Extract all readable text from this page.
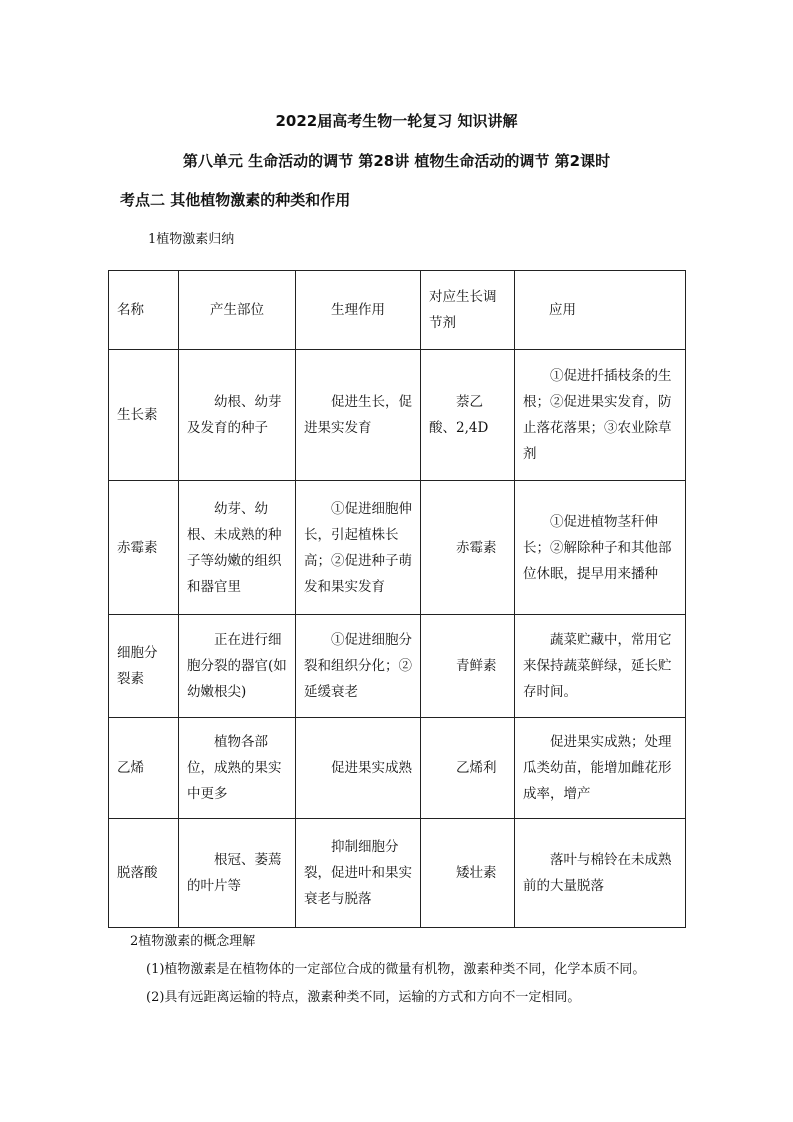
2022届高考生物一轮复习 知识讲解
第八单元 生命活动的调节 第28讲 植物生命活动的调节 第2课时
考点二 其他植物激素的种类和作用
1植物激素归纳
名称	产生部位	生理作用	对应生长调节剂	应用
生长素	幼根、幼芽及发育的种子	促进生长，促进果实发育	萘乙酸、2,4D	①促进扦插枝条的生根；②促进果实发育，防止落花落果；③农业除草剂

赤霉素	幼芽、幼根、未成熟的种子等幼嫩的组织和器官里	①促进细胞伸长，引起植株长高；②促进种子萌发和果实发育	赤霉素	①促进植物茎秆伸长；②解除种子和其他部位休眠，提早用来播种

细胞分裂素	正在进行细胞分裂的器官(如幼嫩根尖)	①促进细胞分裂和组织分化；②延缓衰老	青鲜素	蔬菜贮藏中，常用它来保持蔬菜鲜绿，延长贮存时间。

乙烯	植物各部位，成熟的果实中更多	促进果实成熟	乙烯利	促进果实成熟；处理瓜类幼苗，能增加雌花形成率，增产

脱落酸	根冠、萎蔫的叶片等	抑制细胞分裂，促进叶和果实衰老与脱落	矮壮素	落叶与棉铃在未成熟前的大量脱落
2植物激素的概念理解
(1)植物激素是在植物体的一定部位合成的微量有机物，激素种类不同，化学本质不同。
(2)具有远距离运输的特点，激素种类不同，运输的方式和方向不一定相同。
